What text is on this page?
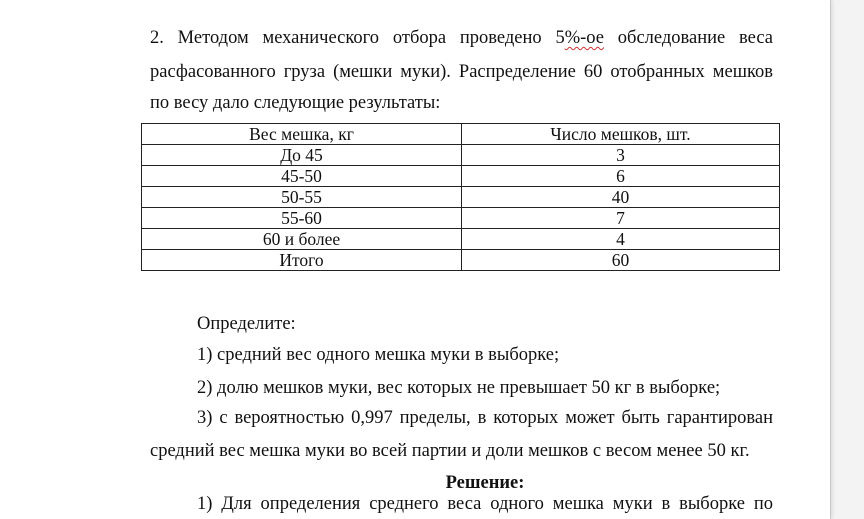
2. Методом механического отбора проведено 5%-ое обследование веса
расфасованного груза (мешки муки). Распределение 60 отобранных мешков
по весу дало следующие результаты:
Вес мешка, кг	Число мешков, шт.
До 45	3
45-50	6
50-55	40
55-60	7
60 и более	4
Итого	60
Определите:
1) средний вес одного мешка муки в выборке;
2) долю мешков муки, вес которых не превышает 50 кг в выборке;
3) с вероятностью 0,997 пределы, в которых может быть гарантирован
средний вес мешка муки во всей партии и доли мешков с весом менее 50 кг.
Решение:
1) Для определения среднего веса одного мешка муки в выборке по
